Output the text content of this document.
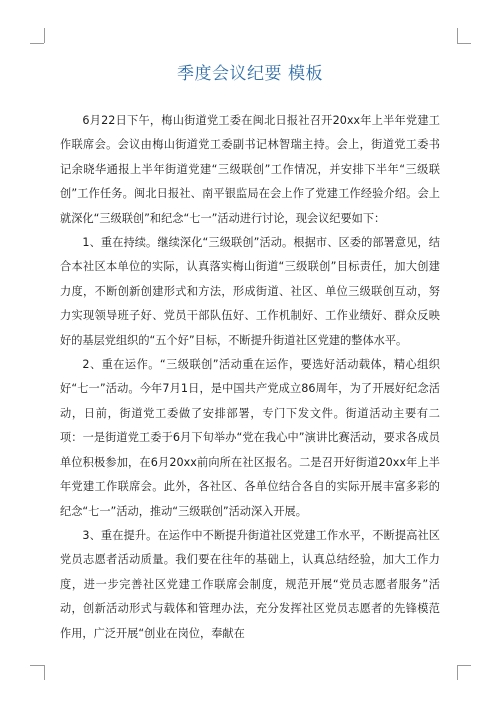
季度会议纪要 模板

6月22日下午，梅山街道党工委在闽北日报社召开20xx年上半年党建工作联席会。会议由梅山街道党工委副书记林智瑞主持。会上，街道党工委书记余晓华通报上半年街道党建“三级联创”工作情况，并安排下半年“三级联创”工作任务。闽北日报社、南平银监局在会上作了党建工作经验介绍。会上就深化“三级联创”和纪念“七一”活动进行讨论，现会议纪要如下：

1、重在持续。继续深化“三级联创”活动。根据市、区委的部署意见，结合本社区本单位的实际，认真落实梅山街道“三级联创”目标责任，加大创建力度，不断创新创建形式和方法，形成街道、社区、单位三级联创互动，努力实现领导班子好、党员干部队伍好、工作机制好、工作业绩好、群众反映好的基层党组织的“五个好”目标，不断提升街道社区党建的整体水平。

2、重在运作。“三级联创”活动重在运作，要选好活动载体，精心组织好“七一”活动。今年7月1日，是中国共产党成立86周年，为了开展好纪念活动，日前，街道党工委做了安排部署，专门下发文件。街道活动主要有二项：一是街道党工委于6月下旬举办“党在我心中”演讲比赛活动，要求各成员单位积极参加，在6月20xx前向所在社区报名。二是召开好街道20xx年上半年党建工作联席会。此外，各社区、各单位结合各自的实际开展丰富多彩的纪念“七一”活动，推动“三级联创”活动深入开展。

3、重在提升。在运作中不断提升街道社区党建工作水平，不断提高社区党员志愿者活动质量。我们要在往年的基础上，认真总结经验，加大工作力度，进一步完善社区党建工作联席会制度，规范开展“党员志愿者服务”活动，创新活动形式与载体和管理办法，充分发挥社区党员志愿者的先锋模范作用，广泛开展“创业在岗位，奉献在
